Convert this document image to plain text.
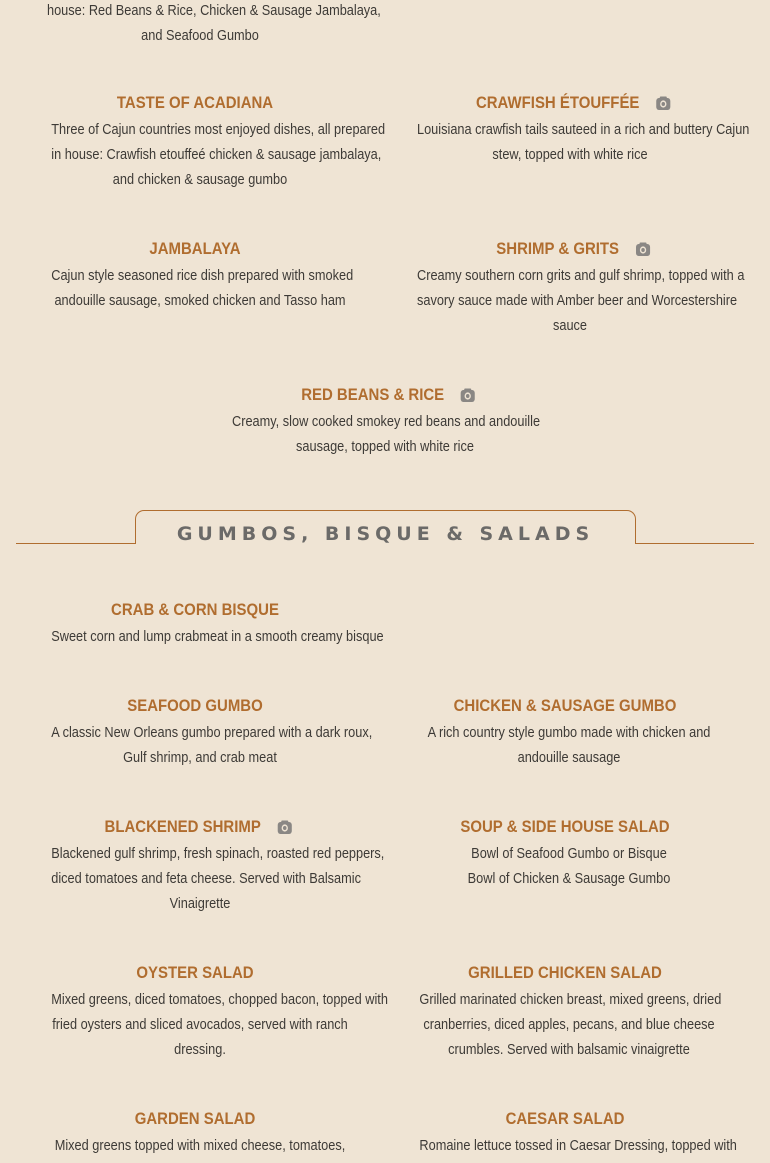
house: Red Beans & Rice, Chicken & Sausage Jambalaya,
and Seafood Gumbo
TASTE OF ACADIANA
Three of Cajun countries most enjoyed dishes, all prepared
in house: Crawfish etouffeé chicken & sausage jambalaya,
and chicken & sausage gumbo
CRAWFISH ÉTOUFFÉE
Louisiana crawfish tails sauteed in a rich and buttery Cajun
stew, topped with white rice
JAMBALAYA
Cajun style seasoned rice dish prepared with smoked
andouille sausage, smoked chicken and Tasso ham
SHRIMP & GRITS
Creamy southern corn grits and gulf shrimp, topped with a
savory sauce made with Amber beer and Worcestershire
sauce
RED BEANS & RICE
Creamy, slow cooked smokey red beans and andouille
sausage, topped with white rice
GUMBOS, BISQUE & SALADS
CRAB & CORN BISQUE
Sweet corn and lump crabmeat in a smooth creamy bisque
SEAFOOD GUMBO
A classic New Orleans gumbo prepared with a dark roux,
Gulf shrimp, and crab meat
CHICKEN & SAUSAGE GUMBO
A rich country style gumbo made with chicken and
andouille sausage
BLACKENED SHRIMP
Blackened gulf shrimp, fresh spinach, roasted red peppers,
diced tomatoes and feta cheese. Served with Balsamic
Vinaigrette
SOUP & SIDE HOUSE SALAD
Bowl of Seafood Gumbo or Bisque
Bowl of Chicken & Sausage Gumbo
OYSTER SALAD
Mixed greens, diced tomatoes, chopped bacon, topped with
fried oysters and sliced avocados, served with ranch
dressing.
GRILLED CHICKEN SALAD
Grilled marinated chicken breast, mixed greens, dried
cranberries, diced apples, pecans, and blue cheese
crumbles. Served with balsamic vinaigrette
GARDEN SALAD
Mixed greens topped with mixed cheese, tomatoes,
CAESAR SALAD
Romaine lettuce tossed in Caesar Dressing, topped with
